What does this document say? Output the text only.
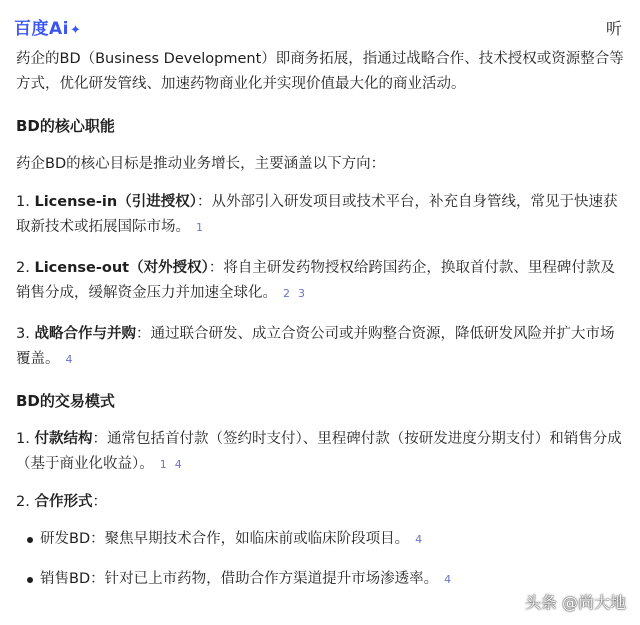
百度Ai✦	听

药企的BD（Business Development）即商务拓展，指通过战略合作、技术授权或资源整合等方式，优化研发管线、加速药物商业化并实现价值最大化的商业活动。

BD的核心职能

药企BD的核心目标是推动业务增长，主要涵盖以下方向：

1. License-in（引进授权）：从外部引入研发项目或技术平台，补充自身管线，常见于快速获取新技术或拓展国际市场。 1

2. License-out（对外授权）：将自主研发药物授权给跨国药企，换取首付款、里程碑付款及销售分成，缓解资金压力并加速全球化。 2 3

3. 战略合作与并购：通过联合研发、成立合资公司或并购整合资源，降低研发风险并扩大市场覆盖。 4

BD的交易模式

1. 付款结构：通常包括首付款（签约时支付）、里程碑付款（按研发进度分期支付）和销售分成（基于商业化收益）。 1 4

2. 合作形式：

研发BD：聚焦早期技术合作，如临床前或临床阶段项目。 4

销售BD：针对已上市药物，借助合作方渠道提升市场渗透率。 4

头条 @尚大地
